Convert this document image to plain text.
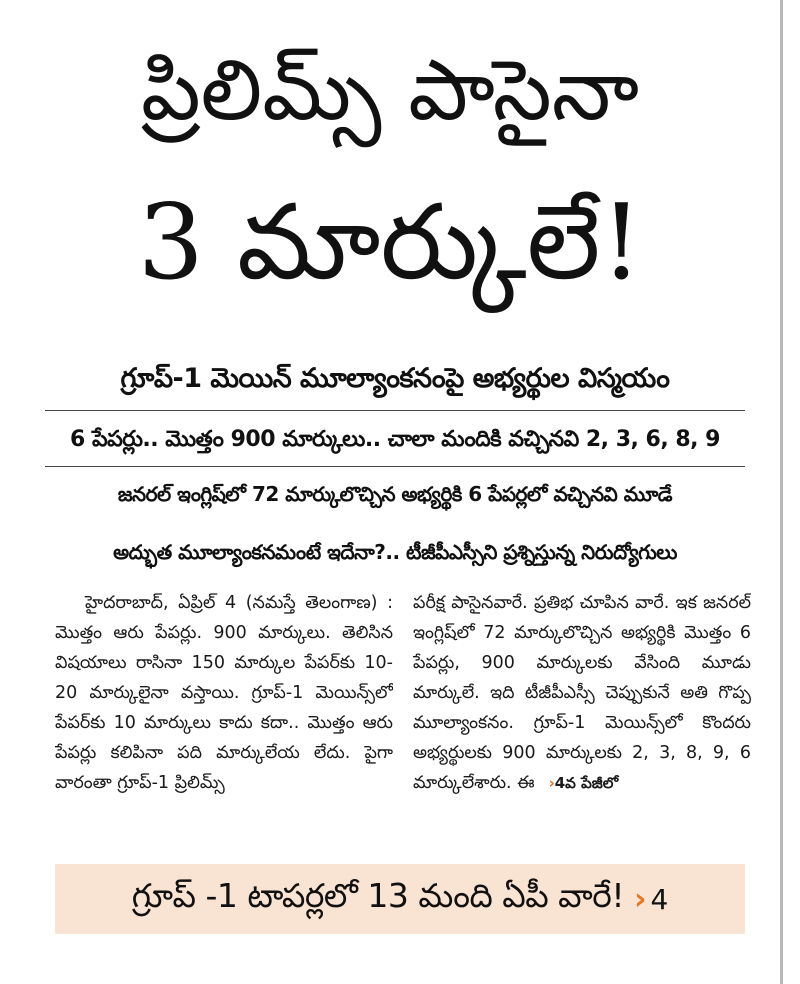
ప్రిలిమ్స్ పాసైనా
3 మార్కులే!
గ్రూప్-1 మెయిన్ మూల్యాంకనంపై అభ్యర్థుల విస్మయం
6 పేపర్లు.. మొత్తం 900 మార్కులు.. చాలా మందికి వచ్చినవి 2, 3, 6, 8, 9
జనరల్ ఇంగ్లిష్‌లో 72 మార్కులొచ్చిన అభ్యర్థికి 6 పేపర్లలో వచ్చినవి మూడే
అద్భుత మూల్యాంకనమంటే ఇదేనా?.. టీజీపీఎస్సీని ప్రశ్నిస్తున్న నిరుద్యోగులు

హైదరాబాద్, ఏప్రిల్ 4 (నమస్తే తెలంగాణ) : మొత్తం ఆరు పేపర్లు. 900 మార్కులు. తెలిసిన విషయాలు రాసినా 150 మార్కుల పేపర్‌కు 10-20 మార్కులైనా వస్తాయి. గ్రూప్-1 మెయిన్స్‌లో పేపర్‌కు 10 మార్కులు కాదు కదా.. మొత్తం ఆరు పేపర్లు కలిపినా పది మార్కులేయ లేదు. పైగా వారంతా గ్రూప్-1 ప్రిలిమ్స్

పరీక్ష పాసైనవారే. ప్రతిభ చూపిన వారే. ఇక జనరల్ ఇంగ్లిష్‌లో 72 మార్కులొచ్చిన అభ్యర్థికి మొత్తం 6 పేపర్లు, 900 మార్కులకు వేసింది మూడు మార్కులే. ఇది టీజీపీఎస్సీ చెప్పుకునే అతి గొప్ప మూల్యాంకనం. గ్రూప్-1 మెయిన్స్‌లో కొందరు అభ్యర్థులకు 900 మార్కులకు 2, 3, 8, 9, 6 మార్కులేశారు. ఈ ›4వ పేజీలో

గ్రూప్ -1 టాపర్లలో 13 మంది ఏపీ వారే! › 4
